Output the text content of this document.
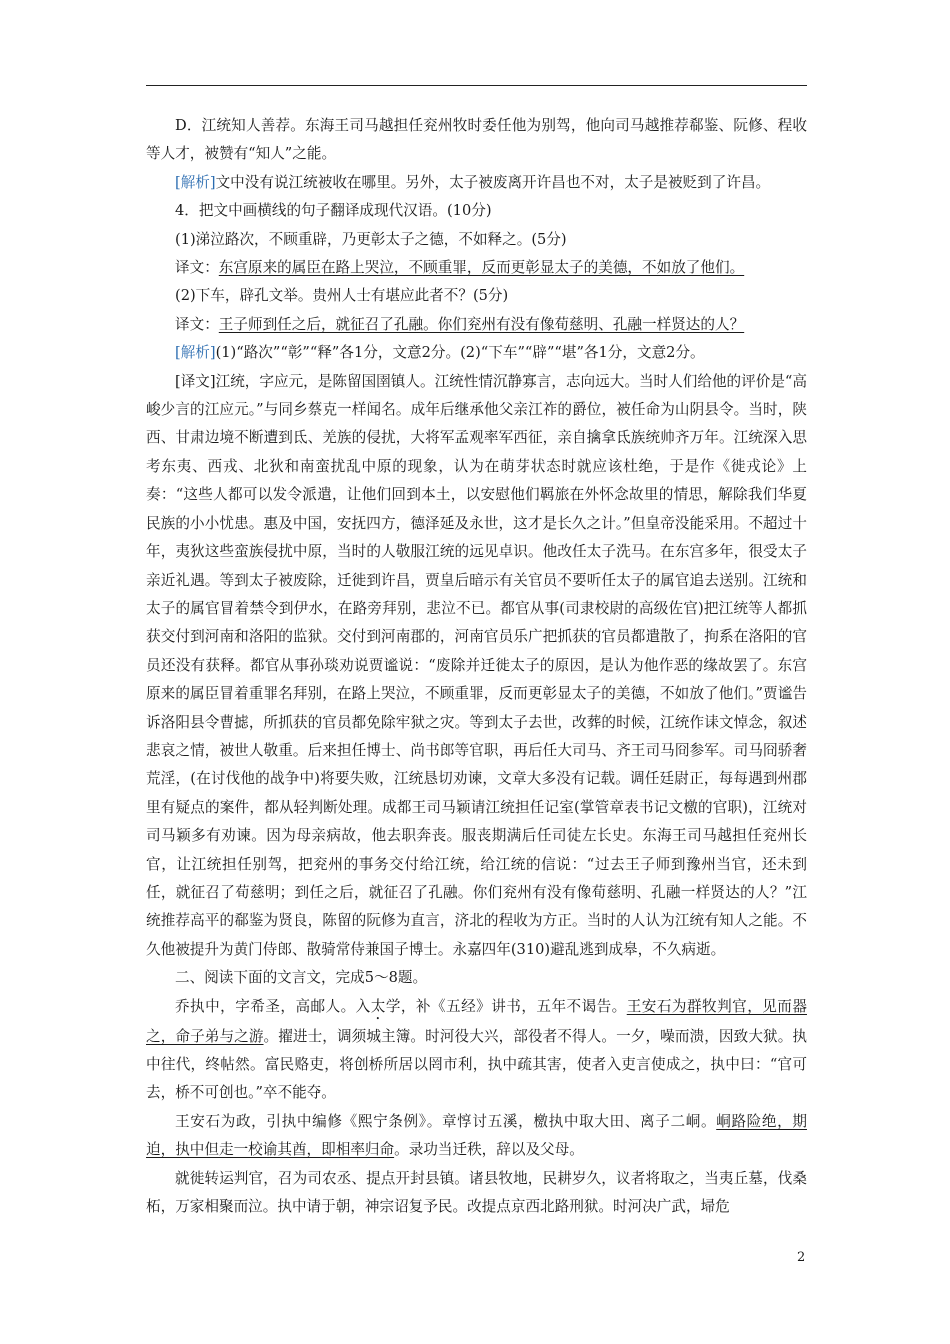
D．江统知人善荐。东海王司马越担任兖州牧时委任他为别驾，他向司马越推荐郗鉴、阮修、程收等人才，被赞有“知人”之能。

[解析]文中没有说江统被收在哪里。另外，太子被废离开许昌也不对，太子是被贬到了许昌。

4．把文中画横线的句子翻译成现代汉语。(10分)

(1)涕泣路次，不顾重辟，乃更彰太子之德，不如释之。(5分)

译文：东宫原来的属臣在路上哭泣，不顾重罪，反而更彰显太子的美德，不如放了他们。

(2)下车，辟孔文举。贵州人士有堪应此者不？(5分)

译文：王子师到任之后，就征召了孔融。你们兖州有没有像荀慈明、孔融一样贤达的人？

[解析](1)“路次”“彰”“释”各1分，文意2分。(2)“下车”“辟”“堪”各1分，文意2分。

[译文]江统，字应元，是陈留国圉镇人。江统性情沉静寡言，志向远大。当时人们给他的评价是“高峻少言的江应元。”与同乡蔡克一样闻名。成年后继承他父亲江祚的爵位，被任命为山阴县令。当时，陕西、甘肃边境不断遭到氐、羌族的侵扰，大将军孟观率军西征，亲自擒拿氐族统帅齐万年。江统深入思考东夷、西戎、北狄和南蛮扰乱中原的现象，认为在萌芽状态时就应该杜绝，于是作《徙戎论》上奏：“这些人都可以发令派遣，让他们回到本土，以安慰他们羁旅在外怀念故里的情思，解除我们华夏民族的小小忧患。惠及中国，安抚四方，德泽延及永世，这才是长久之计。”但皇帝没能采用。不超过十年，夷狄这些蛮族侵扰中原，当时的人敬服江统的远见卓识。他改任太子洗马。在东宫多年，很受太子亲近礼遇。等到太子被废除，迁徙到许昌，贾皇后暗示有关官员不要听任太子的属官追去送别。江统和太子的属官冒着禁令到伊水，在路旁拜别，悲泣不已。都官从事(司隶校尉的高级佐官)把江统等人都抓获交付到河南和洛阳的监狱。交付到河南郡的，河南官员乐广把抓获的官员都遣散了，拘系在洛阳的官员还没有获释。都官从事孙琰劝说贾谧说：“废除并迁徙太子的原因，是认为他作恶的缘故罢了。东宫原来的属臣冒着重罪名拜别，在路上哭泣，不顾重罪，反而更彰显太子的美德，不如放了他们。”贾谧告诉洛阳县令曹摅，所抓获的官员都免除牢狱之灾。等到太子去世，改葬的时候，江统作诔文悼念，叙述悲哀之情，被世人敬重。后来担任博士、尚书郎等官职，再后任大司马、齐王司马冏参军。司马冏骄奢荒淫，(在讨伐他的战争中)将要失败，江统恳切劝谏，文章大多没有记载。调任廷尉正，每每遇到州郡里有疑点的案件，都从轻判断处理。成都王司马颖请江统担任记室(掌管章表书记文檄的官职)，江统对司马颖多有劝谏。因为母亲病故，他去职奔丧。服丧期满后任司徒左长史。东海王司马越担任兖州长官，让江统担任别驾，把兖州的事务交付给江统，给江统的信说：“过去王子师到豫州当官，还未到任，就征召了荀慈明；到任之后，就征召了孔融。你们兖州有没有像荀慈明、孔融一样贤达的人？”江统推荐高平的郗鉴为贤良，陈留的阮修为直言，济北的程收为方正。当时的人认为江统有知人之能。不久他被提升为黄门侍郎、散骑常侍兼国子博士。永嘉四年(310)避乱逃到成皋，不久病逝。

二、阅读下面的文言文，完成5～8题。

乔执中，字希圣，高邮人。入太学，补《五经》讲书，五年不谒告。王安石为群牧判官，见而器之，命子弟与之游。擢进士，调须城主簿。时河役大兴，部役者不得人。一夕，噪而溃，因致大狱。执中往代，终帖然。富民赂吏，将创桥所居以罔市利，执中疏其害，使者入吏言使成之，执中曰：“官可去，桥不可创也。”卒不能夺。

王安石为政，引执中编修《熙宁条例》。章惇讨五溪，檄执中取大田、离子二峒。峒路险绝，期迫，执中但走一校谕其酋，即相率归命。录功当迁秩，辞以及父母。

就徙转运判官，召为司农丞、提点开封县镇。诸县牧地，民耕岁久，议者将取之，当夷丘墓，伐桑柘，万家相聚而泣。执中请于朝，神宗诏复予民。改提点京西北路刑狱。时河决广武，埽危

2
